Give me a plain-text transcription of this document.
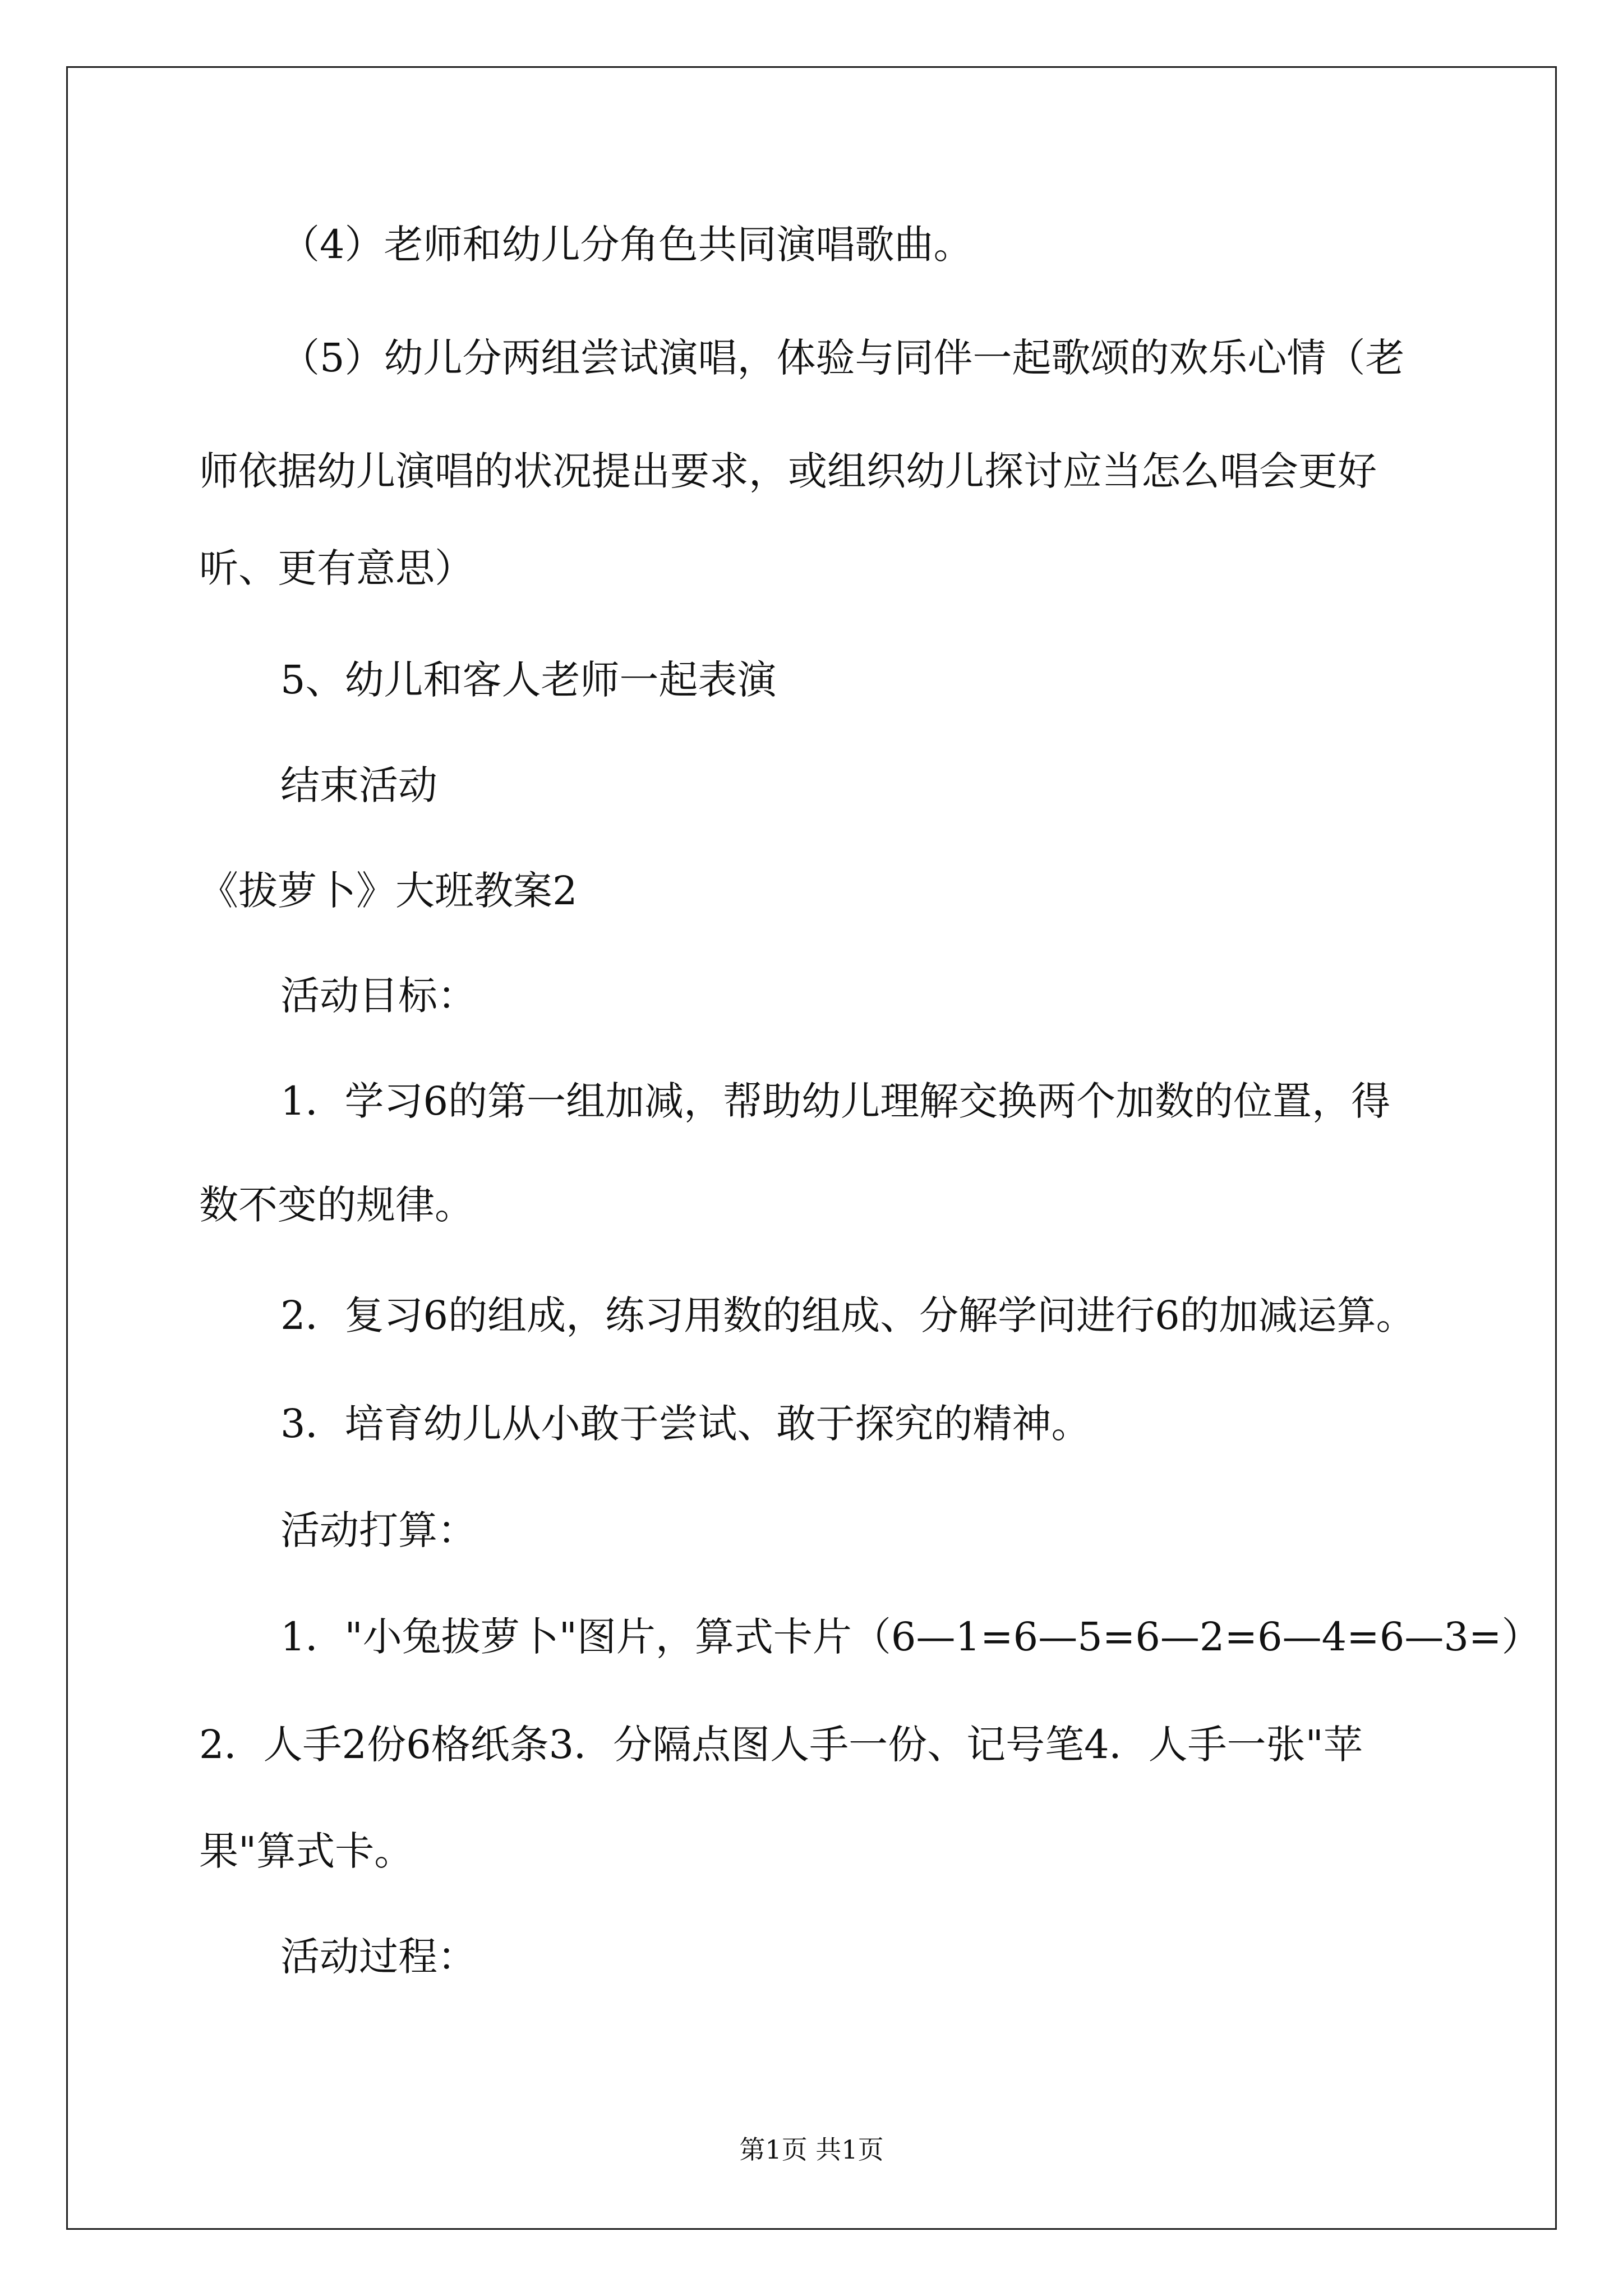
（4）老师和幼儿分角色共同演唱歌曲。

（5）幼儿分两组尝试演唱，体验与同伴一起歌颂的欢乐心情（老

师依据幼儿演唱的状况提出要求，或组织幼儿探讨应当怎么唱会更好

听、更有意思）

5、幼儿和客人老师一起表演

结束活动

《拔萝卜》大班教案2

活动目标：

1．学习6的第一组加减，帮助幼儿理解交换两个加数的位置，得

数不变的规律。

2．复习6的组成，练习用数的组成、分解学问进行6的加减运算。

3．培育幼儿从小敢于尝试、敢于探究的精神。

活动打算：

1．"小兔拔萝卜"图片，算式卡片（6—1=6—5=6—2=6—4=6—3=）

2．人手2份6格纸条3．分隔点图人手一份、记号笔4．人手一张"苹

果"算式卡。

活动过程：

第1页 共1页
